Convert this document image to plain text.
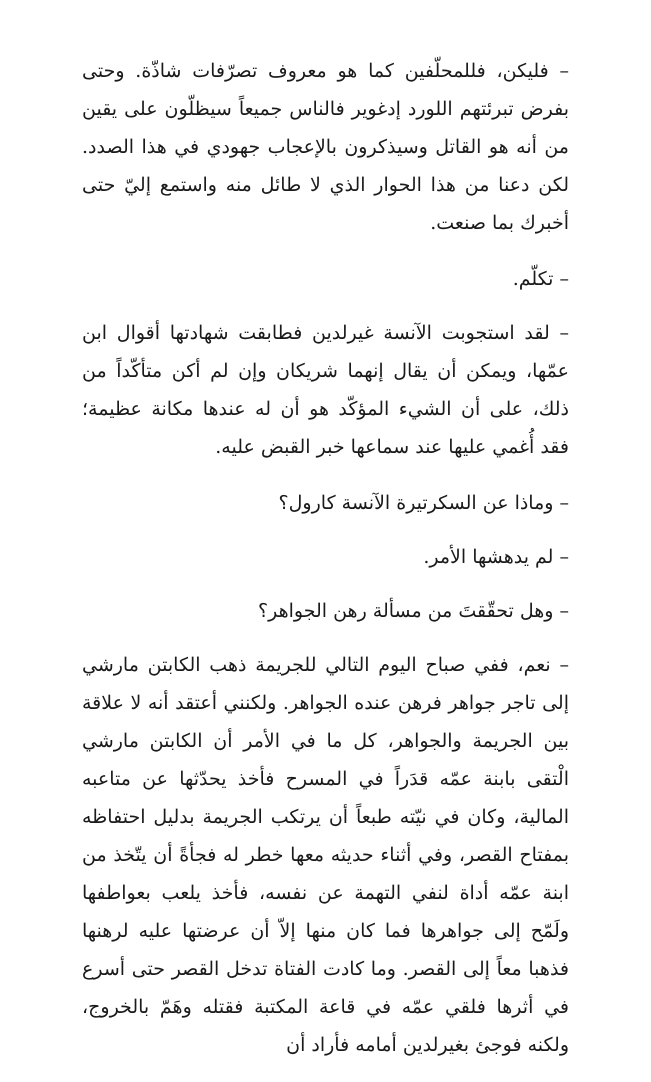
– فليكن، فللمحلّفين كما هو معروف تصرّفات شاذّة. وحتى بفرض تبرئتهم اللورد إدغوير فالناس جميعاً سيظلّون على يقين من أنه هو القاتل وسيذكرون بالإعجاب جهودي في هذا الصدد. لكن دعنا من هذا الحوار الذي لا طائل منه واستمع إليّ حتى أخبرك بما صنعت.

– تكلّم.

– لقد استجوبت الآنسة غيرلدين فطابقت شهادتها أقوال ابن عمّها، ويمكن أن يقال إنهما شريكان وإن لم أكن متأكّداً من ذلك، على أن الشيء المؤكّد هو أن له عندها مكانة عظيمة؛ فقد أُغمي عليها عند سماعها خبر القبض عليه.

– وماذا عن السكرتيرة الآنسة كارول؟

– لم يدهشها الأمر.

– وهل تحقّقتَ من مسألة رهن الجواهر؟

– نعم، ففي صباح اليوم التالي للجريمة ذهب الكابتن مارشي إلى تاجر جواهر فرهن عنده الجواهر. ولكنني أعتقد أنه لا علاقة بين الجريمة والجواهر، كل ما في الأمر أن الكابتن مارشي الْتقى بابنة عمّه قدَراً في المسرح فأخذ يحدّثها عن متاعبه المالية، وكان في نيّته طبعاً أن يرتكب الجريمة بدليل احتفاظه بمفتاح القصر، وفي أثناء حديثه معها خطر له فجأةً أن يتّخذ من ابنة عمّه أداة لنفي التهمة عن نفسه، فأخذ يلعب بعواطفها ولَمّح إلى جواهرها فما كان منها إلاّ أن عرضتها عليه لرهنها فذهبا معاً إلى القصر. وما كادت الفتاة تدخل القصر حتى أسرع في أثرها فلقي عمّه في قاعة المكتبة فقتله وهَمّ بالخروج، ولكنه فوجئ بغيرلدين أمامه فأراد أن
